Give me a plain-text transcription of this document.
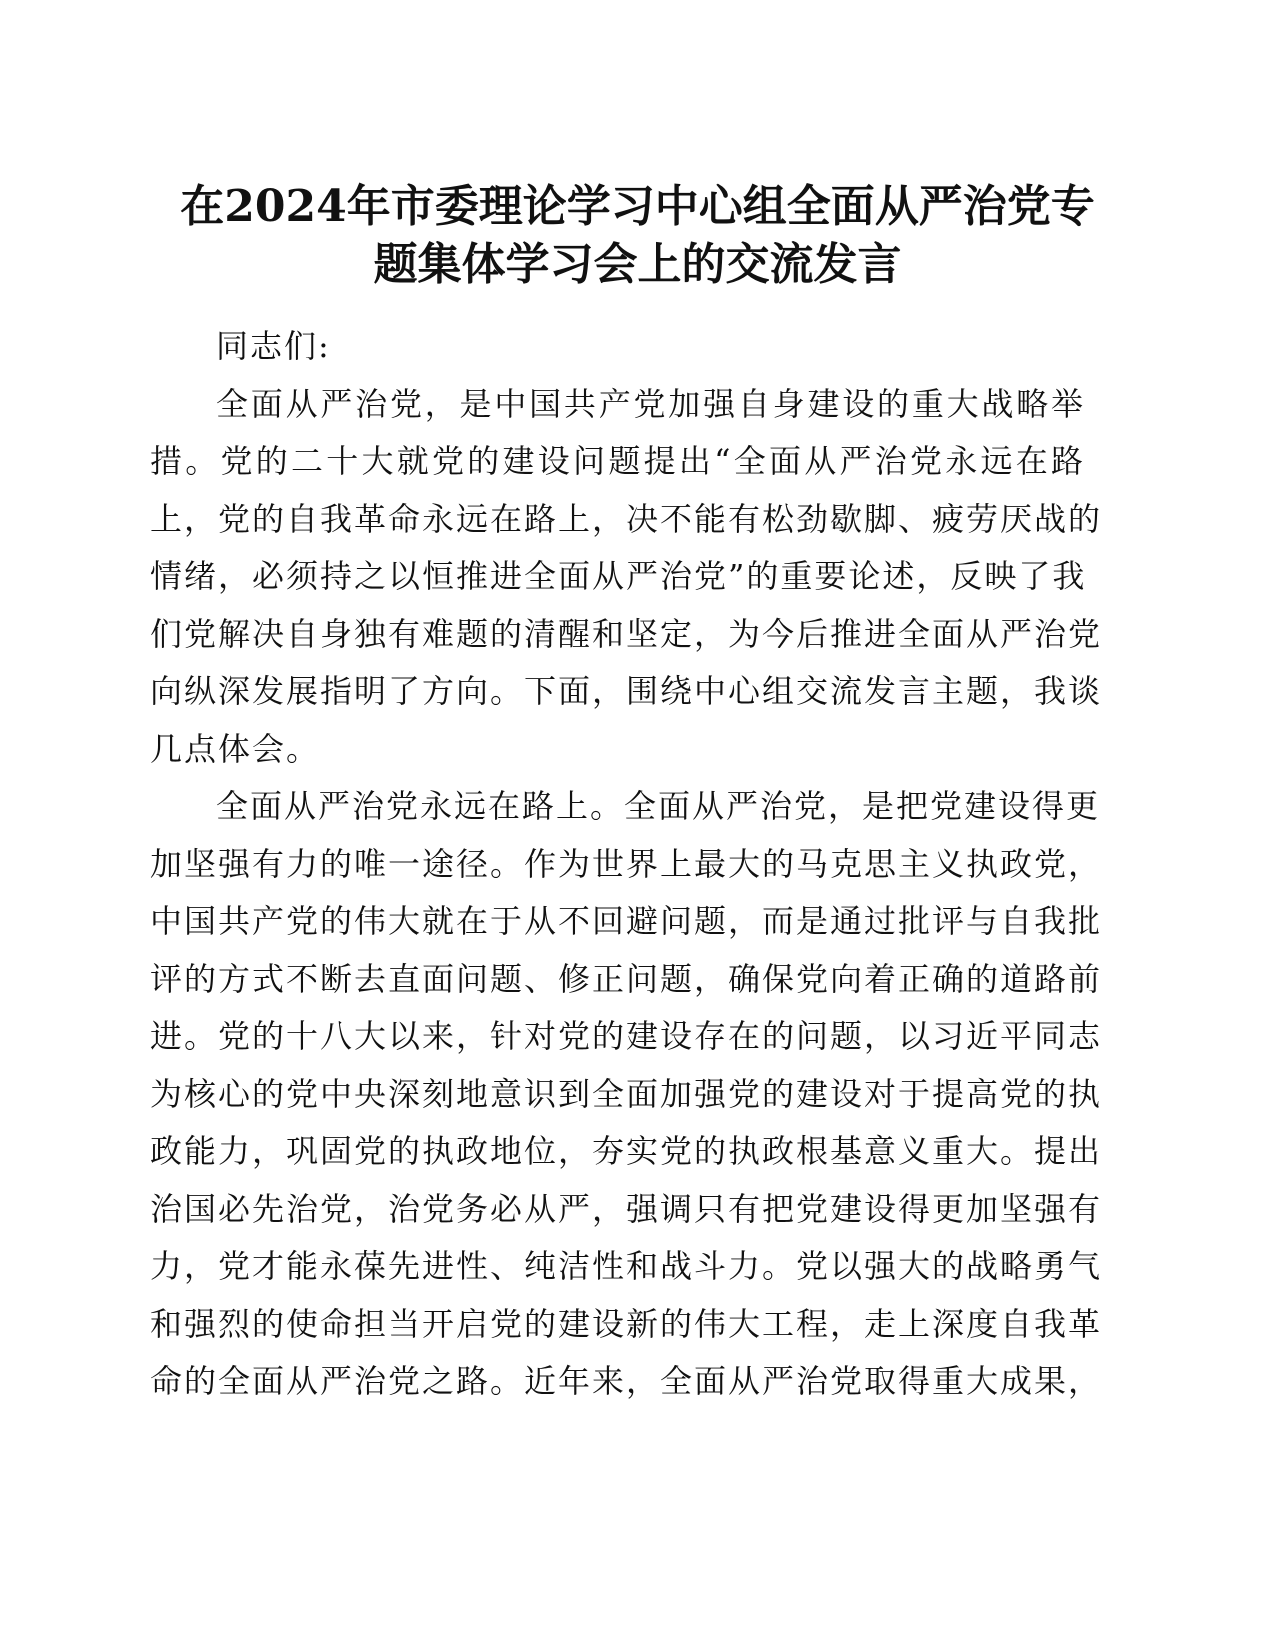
在2024年市委理论学习中心组全面从严治党专
题集体学习会上的交流发言
同志们:
全面从严治党，是中国共产党加强自身建设的重大战略举
措。党的二十大就党的建设问题提出“全面从严治党永远在路
上，党的自我革命永远在路上，决不能有松劲歇脚、疲劳厌战的
情绪，必须持之以恒推进全面从严治党”的重要论述，反映了我
们党解决自身独有难题的清醒和坚定，为今后推进全面从严治党
向纵深发展指明了方向。下面，围绕中心组交流发言主题，我谈
几点体会。
全面从严治党永远在路上。全面从严治党，是把党建设得更
加坚强有力的唯一途径。作为世界上最大的马克思主义执政党，
中国共产党的伟大就在于从不回避问题，而是通过批评与自我批
评的方式不断去直面问题、修正问题，确保党向着正确的道路前
进。党的十八大以来，针对党的建设存在的问题，以习近平同志
为核心的党中央深刻地意识到全面加强党的建设对于提高党的执
政能力，巩固党的执政地位，夯实党的执政根基意义重大。提出
治国必先治党，治党务必从严，强调只有把党建设得更加坚强有
力，党才能永葆先进性、纯洁性和战斗力。党以强大的战略勇气
和强烈的使命担当开启党的建设新的伟大工程，走上深度自我革
命的全面从严治党之路。近年来，全面从严治党取得重大成果，
